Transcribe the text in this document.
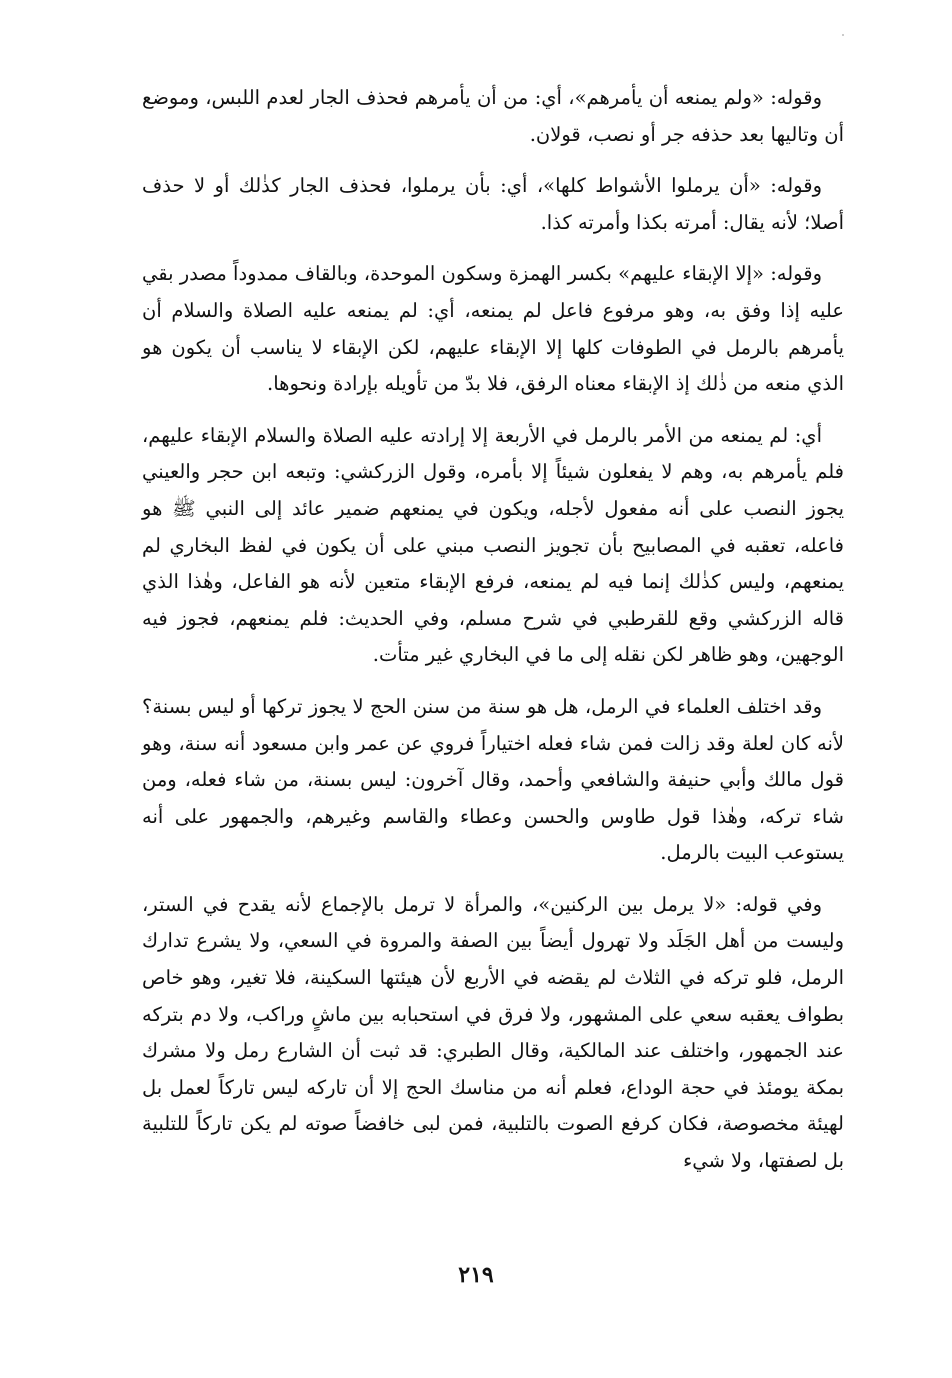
وقوله: «ولم يمنعه أن يأمرهم»، أي: من أن يأمرهم فحذف الجار لعدم اللبس، وموضع أن وتاليها بعد حذفه جر أو نصب، قولان.

وقوله: «أن يرملوا الأشواط كلها»، أي: بأن يرملوا، فحذف الجار كذٰلك أو لا حذف أصلا؛ لأنه يقال: أمرته بكذا وأمرته كذا.

وقوله: «إلا الإبقاء عليهم» بكسر الهمزة وسكون الموحدة، وبالقاف ممدوداً مصدر بقي عليه إذا وفق به، وهو مرفوع فاعل لم يمنعه، أي: لم يمنعه عليه الصلاة والسلام أن يأمرهم بالرمل في الطوفات كلها إلا الإبقاء عليهم، لكن الإبقاء لا يناسب أن يكون هو الذي منعه من ذٰلك إذ الإبقاء معناه الرفق، فلا بدّ من تأويله بإرادة ونحوها.

أي: لم يمنعه من الأمر بالرمل في الأربعة إلا إرادته عليه الصلاة والسلام الإبقاء عليهم، فلم يأمرهم به، وهم لا يفعلون شيئاً إلا بأمره، وقول الزركشي: وتبعه ابن حجر والعيني يجوز النصب على أنه مفعول لأجله، ويكون في يمنعهم ضمير عائد إلى النبي ﷺ هو فاعله، تعقبه في المصابيح بأن تجويز النصب مبني على أن يكون في لفظ البخاري لم يمنعهم، وليس كذٰلك إنما فيه لم يمنعه، فرفع الإبقاء متعين لأنه هو الفاعل، وهٰذا الذي قاله الزركشي وقع للقرطبي في شرح مسلم، وفي الحديث: فلم يمنعهم، فجوز فيه الوجهين، وهو ظاهر لكن نقله إلى ما في البخاري غير متأت.

وقد اختلف العلماء في الرمل، هل هو سنة من سنن الحج لا يجوز تركها أو ليس بسنة؟ لأنه كان لعلة وقد زالت فمن شاء فعله اختياراً فروي عن عمر وابن مسعود أنه سنة، وهو قول مالك وأبي حنيفة والشافعي وأحمد، وقال آخرون: ليس بسنة، من شاء فعله، ومن شاء تركه، وهٰذا قول طاوس والحسن وعطاء والقاسم وغيرهم، والجمهور على أنه يستوعب البيت بالرمل.

وفي قوله: «لا يرمل بين الركنين»، والمرأة لا ترمل بالإجماع لأنه يقدح في الستر، وليست من أهل الجَلَد ولا تهرول أيضاً بين الصفة والمروة في السعي، ولا يشرع تدارك الرمل، فلو تركه في الثلاث لم يقضه في الأربع لأن هيئتها السكينة، فلا تغير، وهو خاص بطواف يعقبه سعي على المشهور، ولا فرق في استحبابه بين ماشٍ وراكب، ولا دم بتركه عند الجمهور، واختلف عند المالكية، وقال الطبري: قد ثبت أن الشارع رمل ولا مشرك بمكة يومئذ في حجة الوداع، فعلم أنه من مناسك الحج إلا أن تاركه ليس تاركاً لعمل بل لهيئة مخصوصة، فكان كرفع الصوت بالتلبية، فمن لبى خافضاً صوته لم يكن تاركاً للتلبية بل لصفتها، ولا شيء

٢١٩
